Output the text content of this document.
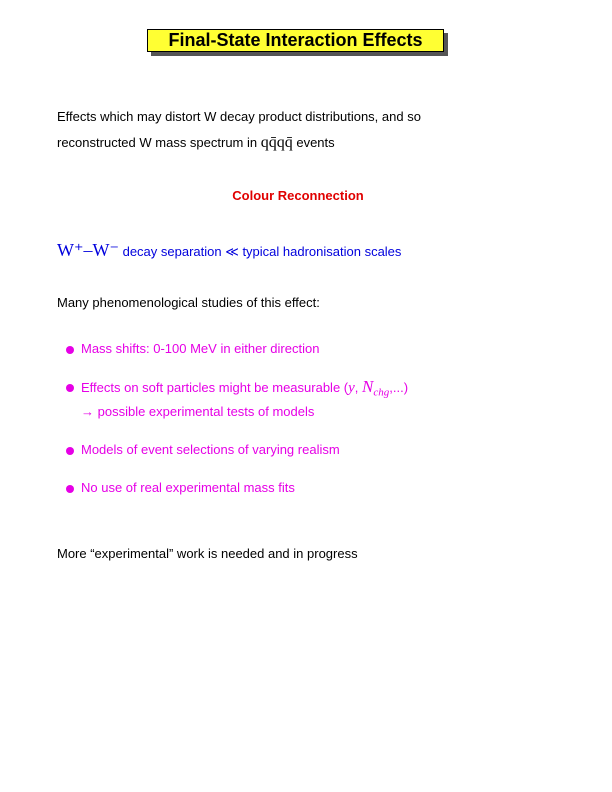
Final-State Interaction Effects
Effects which may distort W decay product distributions, and so
reconstructed W mass spectrum in qq̄qq̄ events
Colour Reconnection
W⁺–W⁻ decay separation ≪ typical hadronisation scales
Many phenomenological studies of this effect:
Mass shifts: 0-100 MeV in either direction
Effects on soft particles might be measurable (y, $N_{chg}$,...)
→ possible experimental tests of models
Models of event selections of varying realism
No use of real experimental mass fits
More “experimental” work is needed and in progress
